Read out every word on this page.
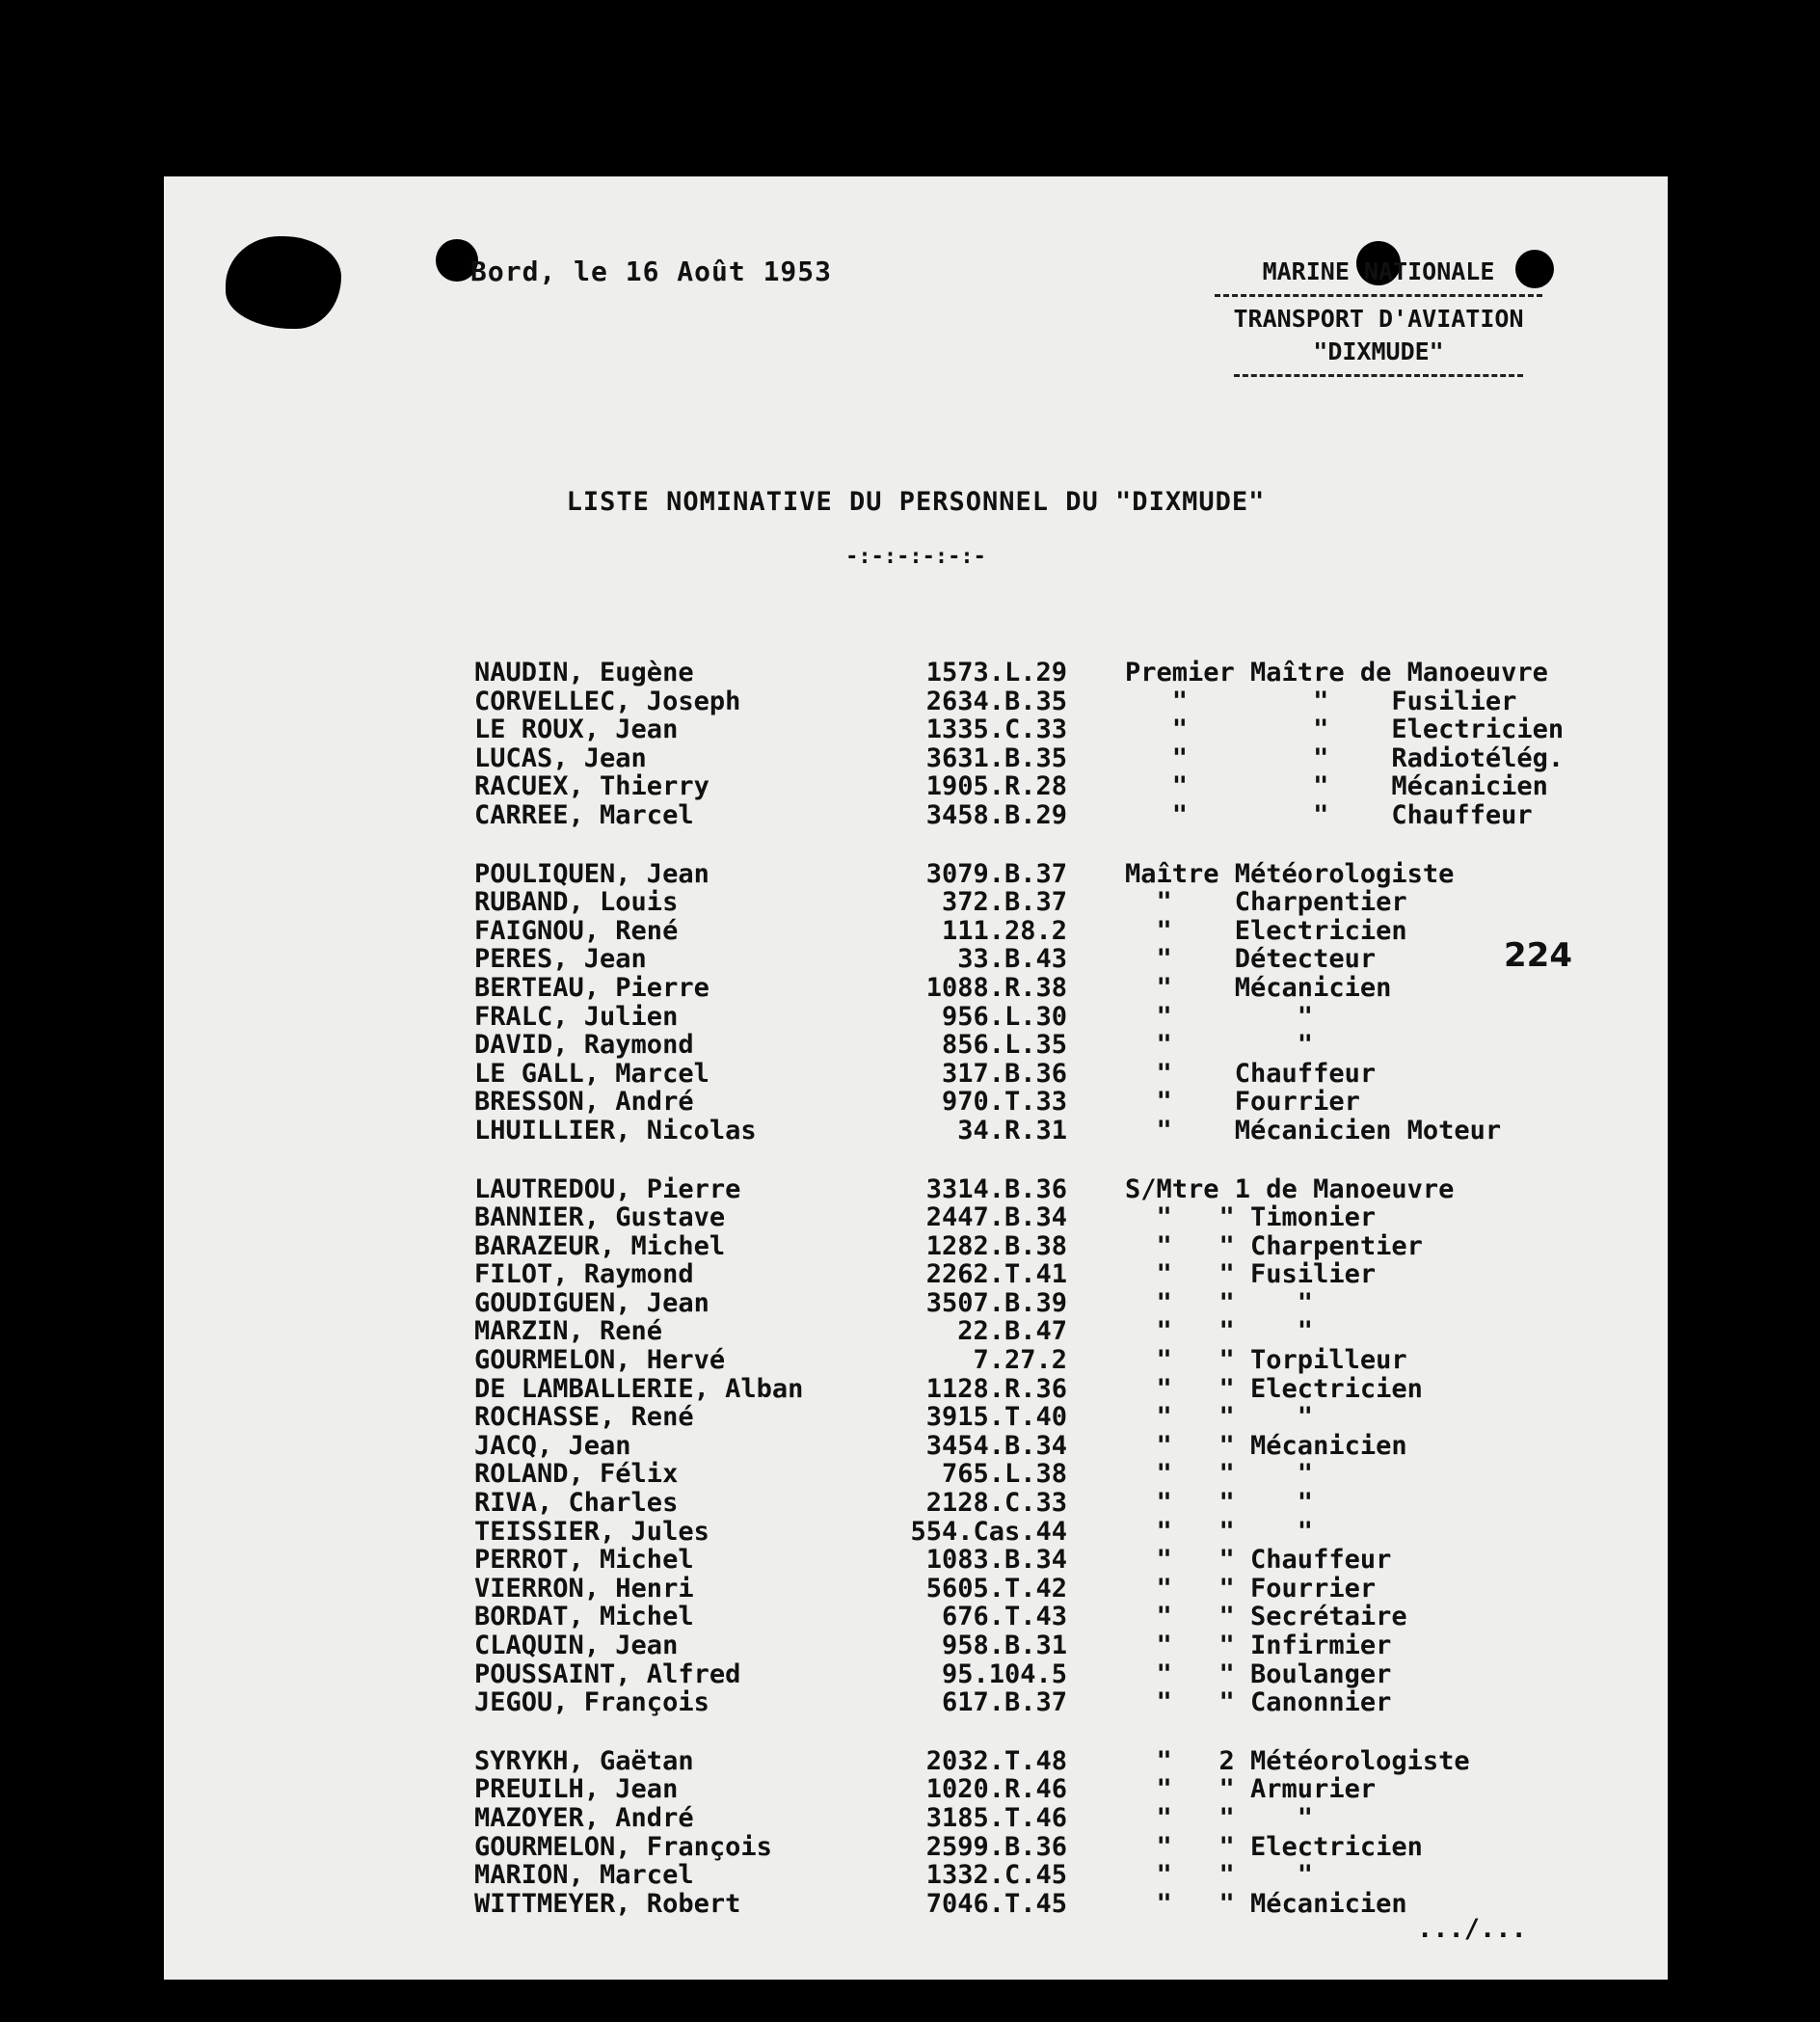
Bord, le 16 Août 1953	MARINE NATIONALE
TRANSPORT D'AVIATION
"DIXMUDE"
LISTE NOMINATIVE DU PERSONNEL DU "DIXMUDE"
-:-:-:-:-:-
NAUDIN, Eugène	1573.L.29	Premier Maître de Manoeuvre
CORVELLEC, Joseph	2634.B.35	"        "    Fusilier
LE ROUX, Jean	1335.C.33	"        "    Electricien
LUCAS, Jean	3631.B.35	"        "    Radiotélég.
RACUEX, Thierry	1905.R.28	"        "    Mécanicien
CARREE, Marcel	3458.B.29	"        "    Chauffeur
POULIQUEN, Jean	3079.B.37	Maître Météorologiste
RUBAND, Louis	372.B.37	"    Charpentier
FAIGNOU, René	111.28.2	"    Electricien
PERES, Jean	33.B.43	"    Détecteur
BERTEAU, Pierre	1088.R.38	"    Mécanicien
FRALC, Julien	956.L.30	"        "
DAVID, Raymond	856.L.35	"        "
LE GALL, Marcel	317.B.36	"    Chauffeur
BRESSON, André	970.T.33	"    Fourrier
LHUILLIER, Nicolas	34.R.31	"    Mécanicien Moteur
LAUTREDOU, Pierre	3314.B.36	S/Mtre 1 de Manoeuvre
BANNIER, Gustave	2447.B.34	"   " Timonier
BARAZEUR, Michel	1282.B.38	"   " Charpentier
FILOT, Raymond	2262.T.41	"   " Fusilier
GOUDIGUEN, Jean	3507.B.39	"   "    "
MARZIN, René	22.B.47	"   "    "
GOURMELON, Hervé	7.27.2	"   " Torpilleur
DE LAMBALLERIE, Alban	1128.R.36	"   " Electricien
ROCHASSE, René	3915.T.40	"   "    "
JACQ, Jean	3454.B.34	"   " Mécanicien
ROLAND, Félix	765.L.38	"   "    "
RIVA, Charles	2128.C.33	"   "    "
TEISSIER, Jules	554.Cas.44	"   "    "
PERROT, Michel	1083.B.34	"   " Chauffeur
VIERRON, Henri	5605.T.42	"   " Fourrier
BORDAT, Michel	676.T.43	"   " Secrétaire
CLAQUIN, Jean	958.B.31	"   " Infirmier
POUSSAINT, Alfred	95.104.5	"   " Boulanger
JEGOU, François	617.B.37	"   " Canonnier
SYRYKH, Gaëtan	2032.T.48	"   2 Météorologiste
PREUILH, Jean	1020.R.46	"   " Armurier
MAZOYER, André	3185.T.46	"   "    "
GOURMELON, François	2599.B.36	"   " Electricien
MARION, Marcel	1332.C.45	"   "    "
WITTMEYER, Robert	7046.T.45	"   " Mécanicien
224
.../...
